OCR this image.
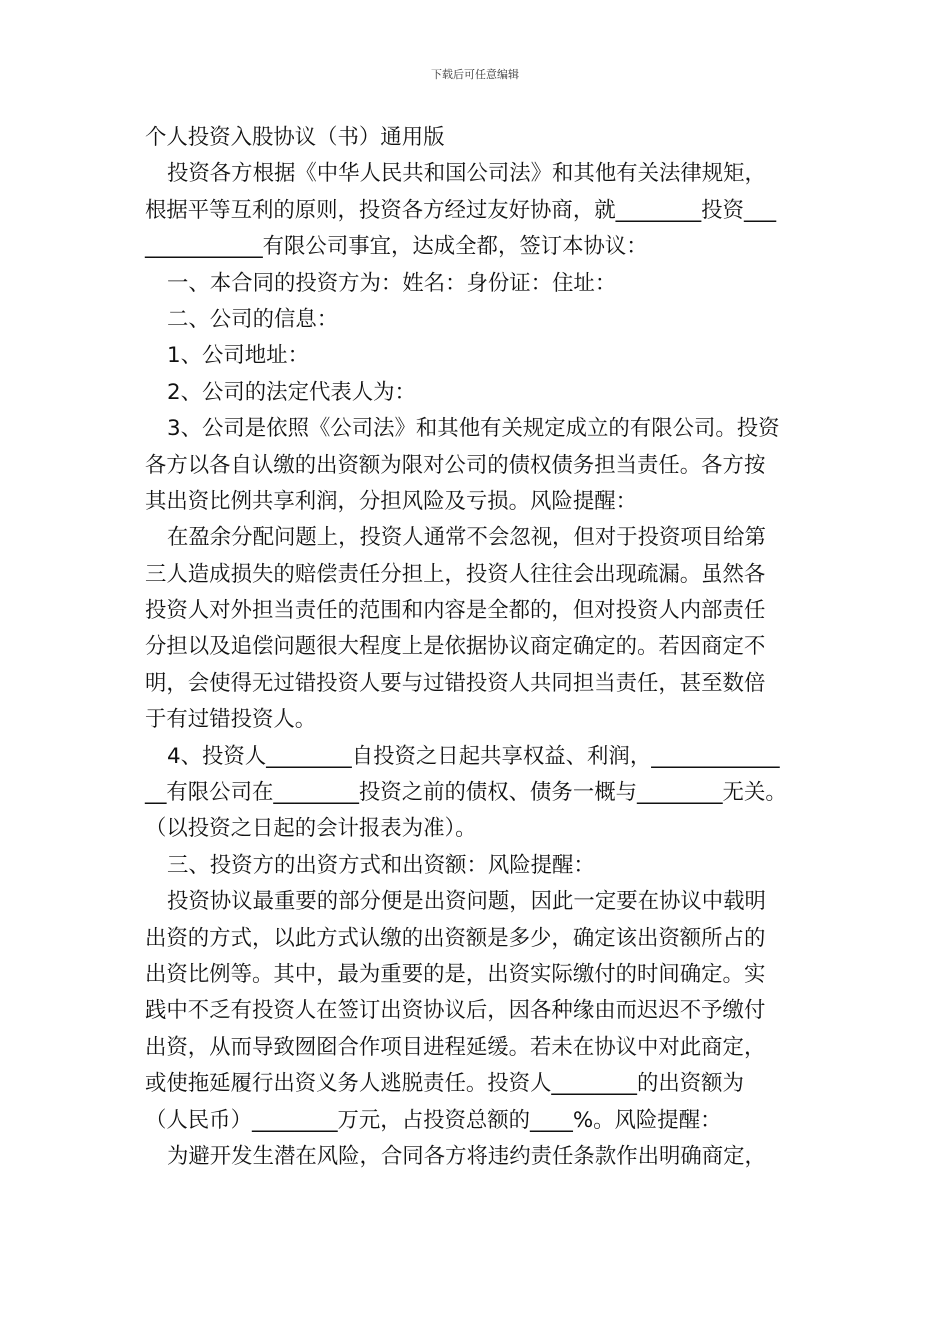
下载后可任意编辑
个人投资入股协议（书）通用版
投资各方根据《中华人民共和国公司法》和其他有关法律规矩，
根据平等互利的原则，投资各方经过友好协商，就________投资___
___________有限公司事宜，达成全都，签订本协议：
一、本合同的投资方为：姓名：身份证：住址：
二、公司的信息：
1、公司地址：
2、公司的法定代表人为：
3、公司是依照《公司法》和其他有关规定成立的有限公司。投资
各方以各自认缴的出资额为限对公司的债权债务担当责任。各方按
其出资比例共享利润，分担风险及亏损。风险提醒：
在盈余分配问题上，投资人通常不会忽视，但对于投资项目给第
三人造成损失的赔偿责任分担上，投资人往往会出现疏漏。虽然各
投资人对外担当责任的范围和内容是全都的，但对投资人内部责任
分担以及追偿问题很大程度上是依据协议商定确定的。若因商定不
明，会使得无过错投资人要与过错投资人共同担当责任，甚至数倍
于有过错投资人。
4、投资人________自投资之日起共享权益、利润，____________
__有限公司在________投资之前的债权、债务一概与________无关。
（以投资之日起的会计报表为准）。
三、投资方的出资方式和出资额：风险提醒：
投资协议最重要的部分便是出资问题，因此一定要在协议中载明
出资的方式，以此方式认缴的出资额是多少，确定该出资额所占的
出资比例等。其中，最为重要的是，出资实际缴付的时间确定。实
践中不乏有投资人在签订出资协议后，因各种缘由而迟迟不予缴付
出资，从而导致囫囵合作项目进程延缓。若未在协议中对此商定，
或使拖延履行出资义务人逃脱责任。投资人________的出资额为
（人民币）________万元，占投资总额的____%。风险提醒：
为避开发生潜在风险，合同各方将违约责任条款作出明确商定，
